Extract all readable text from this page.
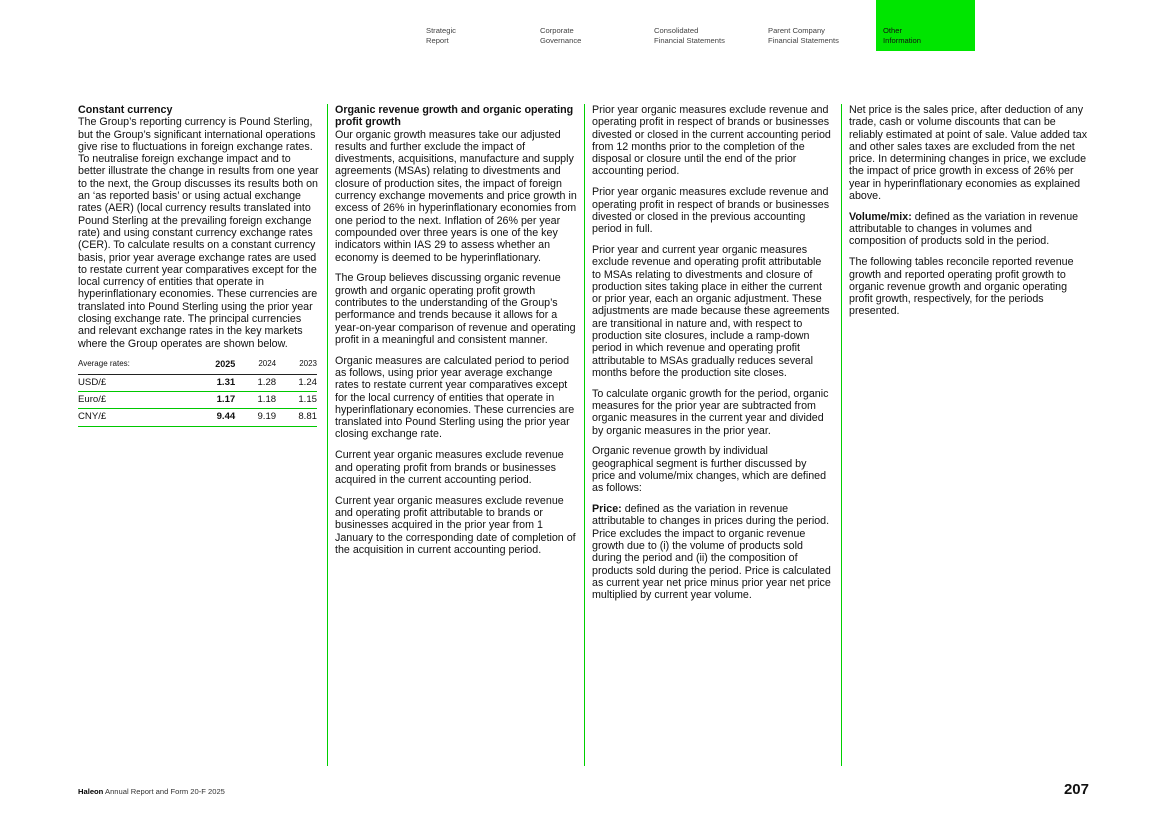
Strategic
Report
Corporate
Governance
Consolidated
Financial Statements
Parent Company
Financial Statements
Other
Information
Constant currency

The Group’s reporting currency is Pound Sterling, but the Group’s significant international operations give rise to fluctuations in foreign exchange rates. To neutralise foreign exchange impact and to better illustrate the change in results from one year to the next, the Group discusses its results both on an ‘as reported basis’ or using actual exchange rates (AER) (local currency results translated into Pound Sterling at the prevailing foreign exchange rate) and using constant currency exchange rates (CER). To calculate results on a constant currency basis, prior year average exchange rates are used to restate current year comparatives except for the local currency of entities that operate in hyperinflationary economies. These currencies are translated into Pound Sterling using the prior year closing exchange rate. The principal currencies and relevant exchange rates in the key markets where the Group operates are shown below.

Average rates:	2025	2024	2023
USD/£	1.31	1.28	1.24
Euro/£	1.17	1.18	1.15
CNY/£	9.44	9.19	8.81
Organic revenue growth and organic operating profit growth

Our organic growth measures take our adjusted results and further exclude the impact of divestments, acquisitions, manufacture and supply agreements (MSAs) relating to divestments and closure of production sites, the impact of foreign currency exchange movements and price growth in excess of 26% in hyperinflationary economies from one period to the next. Inflation of 26% per year compounded over three years is one of the key indicators within IAS 29 to assess whether an economy is deemed to be hyperinflationary.

The Group believes discussing organic revenue growth and organic operating profit growth contributes to the understanding of the Group’s performance and trends because it allows for a year-on-year comparison of revenue and operating profit in a meaningful and consistent manner.

Organic measures are calculated period to period as follows, using prior year average exchange rates to restate current year comparatives except for the local currency of entities that operate in hyperinflationary economies. These currencies are translated into Pound Sterling using the prior year closing exchange rate.

Current year organic measures exclude revenue and operating profit from brands or businesses acquired in the current accounting period.

Current year organic measures exclude revenue and operating profit attributable to brands or businesses acquired in the prior year from 1 January to the corresponding date of completion of the acquisition in current accounting period.

Prior year organic measures exclude revenue and operating profit in respect of brands or businesses divested or closed in the current accounting period from 12 months prior to the completion of the disposal or closure until the end of the prior accounting period.

Prior year organic measures exclude revenue and operating profit in respect of brands or businesses divested or closed in the previous accounting period in full.

Prior year and current year organic measures exclude revenue and operating profit attributable to MSAs relating to divestments and closure of production sites taking place in either the current or prior year, each an organic adjustment. These adjustments are made because these agreements are transitional in nature and, with respect to production site closures, include a ramp-down period in which revenue and operating profit attributable to MSAs gradually reduces several months before the production site closes.

To calculate organic growth for the period, organic measures for the prior year are subtracted from organic measures in the current year and divided by organic measures in the prior year.

Organic revenue growth by individual geographical segment is further discussed by price and volume/mix changes, which are defined as follows:

Price: defined as the variation in revenue attributable to changes in prices during the period. Price excludes the impact to organic revenue growth due to (i) the volume of products sold during the period and (ii) the composition of products sold during the period. Price is calculated as current year net price minus prior year net price multiplied by current year volume.

Net price is the sales price, after deduction of any trade, cash or volume discounts that can be reliably estimated at point of sale. Value added tax and other sales taxes are excluded from the net price. In determining changes in price, we exclude the impact of price growth in excess of 26% per year in hyperinflationary economies as explained above.

Volume/mix: defined as the variation in revenue attributable to changes in volumes and composition of products sold in the period.

The following tables reconcile reported revenue growth and reported operating profit growth to organic revenue growth and organic operating profit growth, respectively, for the periods presented.

Haleon Annual Report and Form 20-F 2025	207
